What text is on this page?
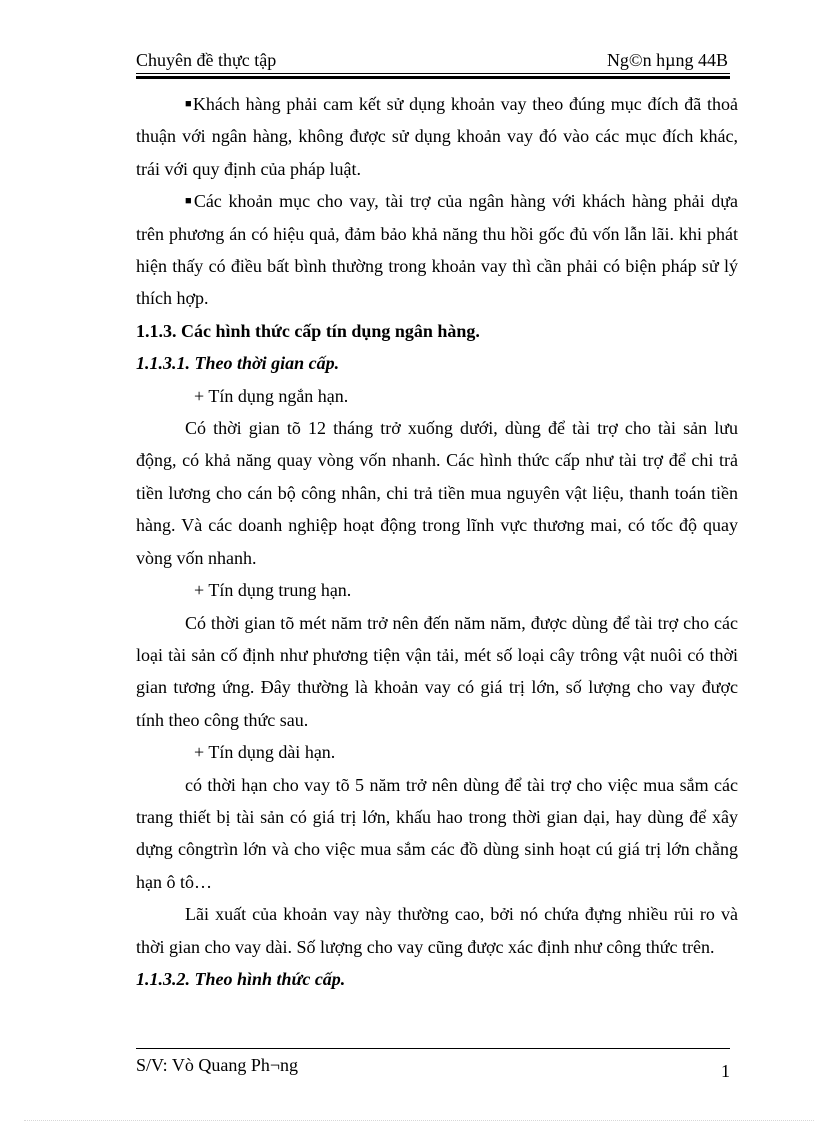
Chuyên đề thực tập	Ng©n hµng 44B

■Khách hàng phải cam kết sử dụng khoản vay theo đúng mục đích đã thoả thuận với ngân hàng, không được sử dụng khoản vay đó vào các mục đích khác, trái với quy định của pháp luật.

■Các khoản mục cho vay, tài trợ của ngân hàng với khách hàng phải dựa trên phương án có hiệu quả, đảm bảo khả năng thu hồi gốc đủ vốn lẫn lãi. khi phát hiện thấy có điều bất bình thường trong khoản vay thì cần phải có biện pháp sử lý thích hợp.

1.1.3. Các hình thức cấp tín dụng ngân hàng.

1.1.3.1. Theo thời gian cấp.

+ Tín dụng ngắn hạn.

Có thời gian tõ 12 tháng trở xuống dưới, dùng để tài trợ cho tài sản lưu động, có khả năng quay vòng vốn nhanh. Các hình thức cấp như tài trợ để chi trả tiền lương cho cán bộ công nhân, chi trả tiền mua nguyên vật liệu, thanh toán tiền hàng. Và các doanh nghiệp hoạt động trong lĩnh vực thương mai, có tốc độ quay vòng vốn nhanh.

+ Tín dụng trung hạn.

Có thời gian tõ mét năm trở nên đến năm năm, được dùng để tài trợ cho các loại tài sản cố định như phương tiện vận tải, mét số loại cây trông vật nuôi có thời gian tương ứng. Đây thường là khoản vay có giá trị lớn, số lượng cho vay được tính theo công thức sau.

+ Tín dụng dài hạn.

có thời hạn cho vay tõ 5 năm trở nên dùng để tài trợ cho việc mua sắm các trang thiết bị tài sản có giá trị lớn, khấu hao trong thời gian dại, hay dùng để xây dựng côngtrìn lớn và cho việc mua sắm các đồ dùng sinh hoạt cú giá trị lớn chẳng hạn ô tô…

Lãi xuất của khoản vay này thường cao, bởi nó chứa đựng nhiều rủi ro và thời gian cho vay dài. Số lượng cho vay cũng được xác định như công thức trên.

1.1.3.2. Theo hình thức cấp.

S/V: Vò Quang Ph¬ng	1
